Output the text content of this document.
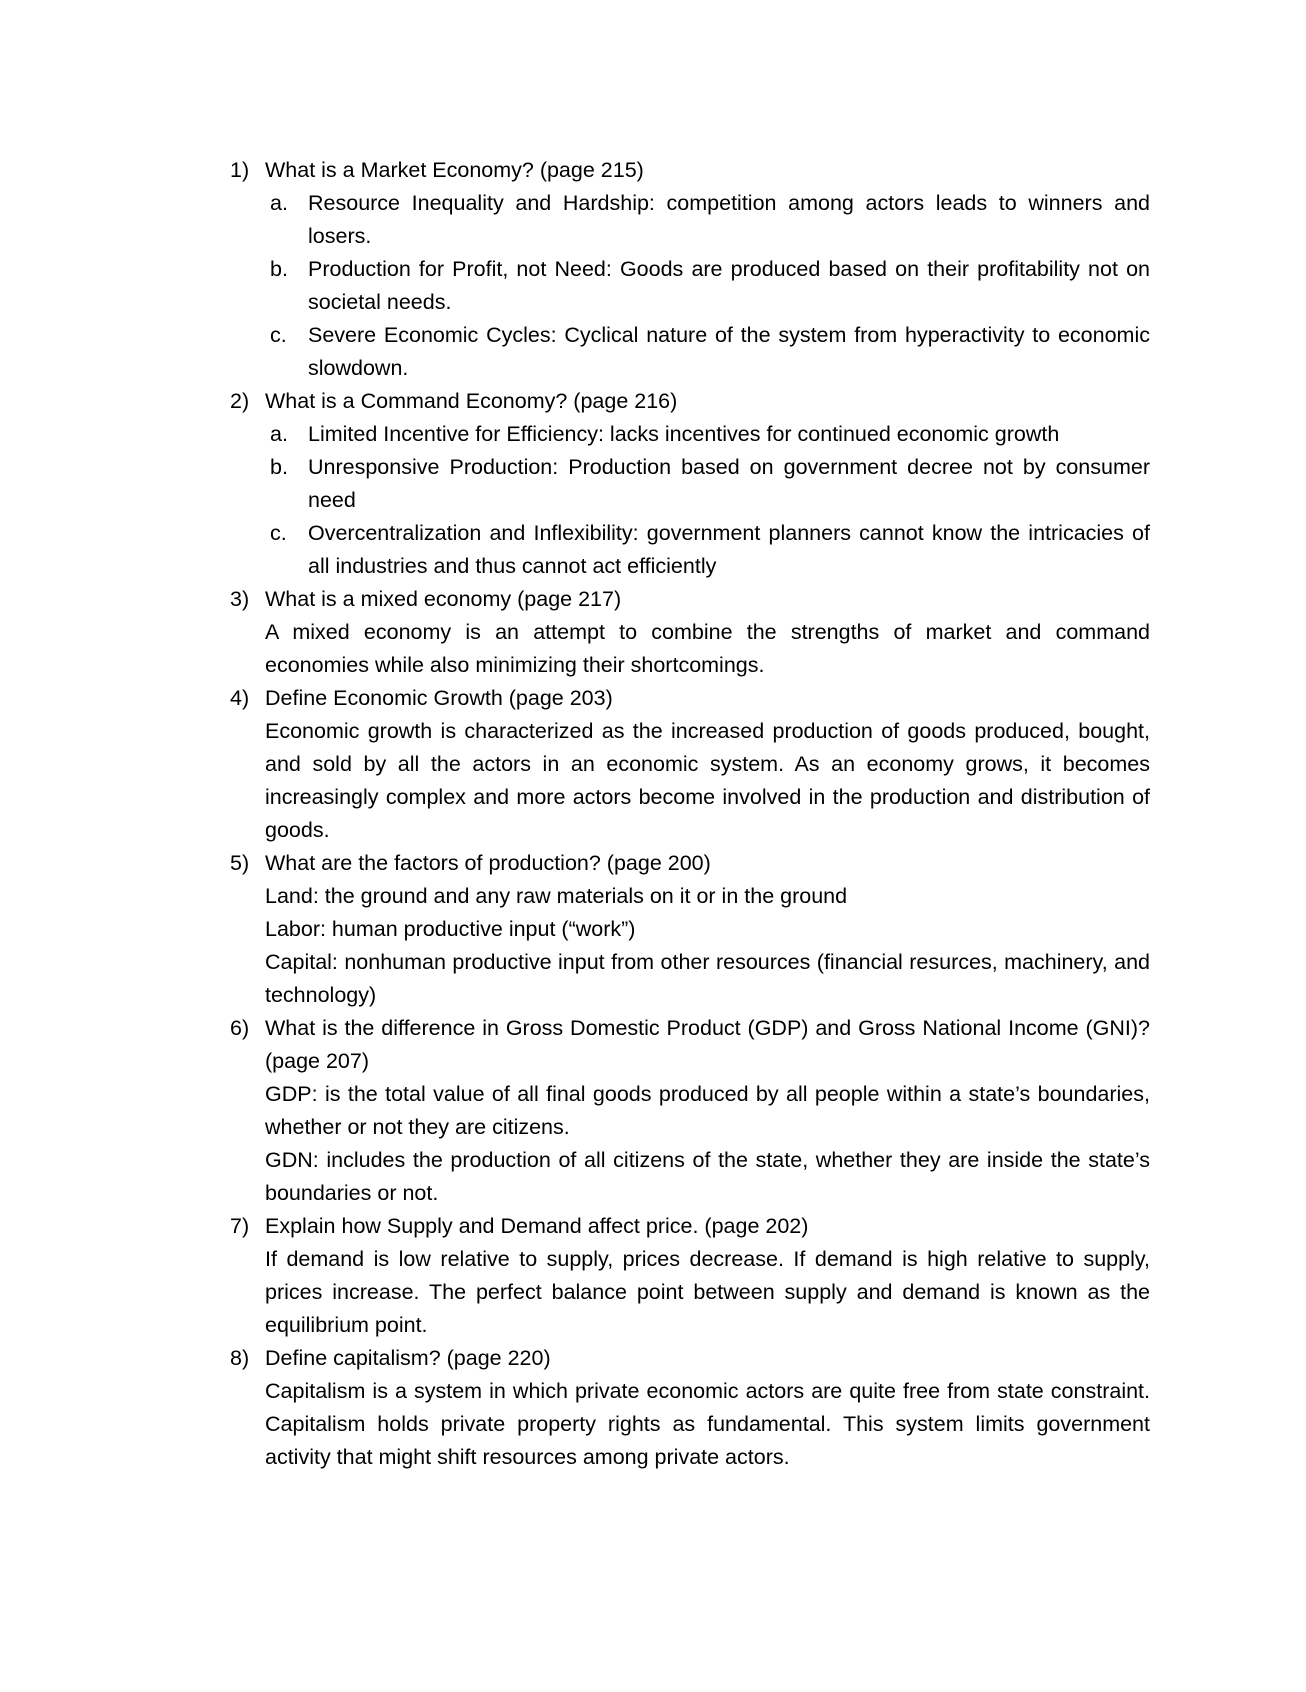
1) What is a Market Economy? (page 215)
a. Resource Inequality and Hardship: competition among actors leads to winners and losers.
b. Production for Profit, not Need: Goods are produced based on their profitability not on societal needs.
c. Severe Economic Cycles: Cyclical nature of the system from hyperactivity to economic slowdown.
2) What is a Command Economy? (page 216)
a. Limited Incentive for Efficiency: lacks incentives for continued economic growth
b. Unresponsive Production: Production based on government decree not by consumer need
c. Overcentralization and Inflexibility: government planners cannot know the intricacies of all industries and thus cannot act efficiently
3) What is a mixed economy (page 217)
A mixed economy is an attempt to combine the strengths of market and command economies while also minimizing their shortcomings.
4) Define Economic Growth (page 203)
Economic growth is characterized as the increased production of goods produced, bought, and sold by all the actors in an economic system. As an economy grows, it becomes increasingly complex and more actors become involved in the production and distribution of goods.
5) What are the factors of production? (page 200)
Land: the ground and any raw materials on it or in the ground
Labor: human productive input (“work”)
Capital: nonhuman productive input from other resources (financial resurces, machinery, and technology)
6) What is the difference in Gross Domestic Product (GDP) and Gross National Income (GNI)? (page 207)
GDP: is the total value of all final goods produced by all people within a state’s boundaries, whether or not they are citizens.
GDN: includes the production of all citizens of the state, whether they are inside the state’s boundaries or not.
7) Explain how Supply and Demand affect price. (page 202)
If demand is low relative to supply, prices decrease. If demand is high relative to supply, prices increase. The perfect balance point between supply and demand is known as the equilibrium point.
8) Define capitalism? (page 220)
Capitalism is a system in which private economic actors are quite free from state constraint. Capitalism holds private property rights as fundamental. This system limits government activity that might shift resources among private actors.
